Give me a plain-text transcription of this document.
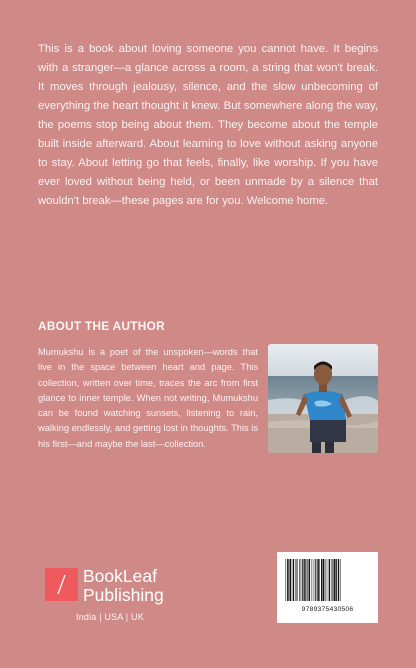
This is a book about loving someone you cannot have. It begins with a stranger—a glance across a room, a string that won't break. It moves through jealousy, silence, and the slow unbecoming of everything the heart thought it knew. But somewhere along the way, the poems stop being about them. They become about the temple built inside afterward. About learning to love without asking anyone to stay. About letting go that feels, finally, like worship. If you have ever loved without being held, or been unmade by a silence that wouldn't break—these pages are for you. Welcome home.
ABOUT THE AUTHOR
Mumukshu is a poet of the unspoken—words that live in the space between heart and page. This collection, written over time, traces the arc from first glance to inner temple. When not writing, Mumukshu can be found watching sunsets, listening to rain, walking endlessly, and getting lost in thoughts. This is his first—and maybe the last—collection.
BookLeaf
Publishing
India | USA | UK
9789375430506
